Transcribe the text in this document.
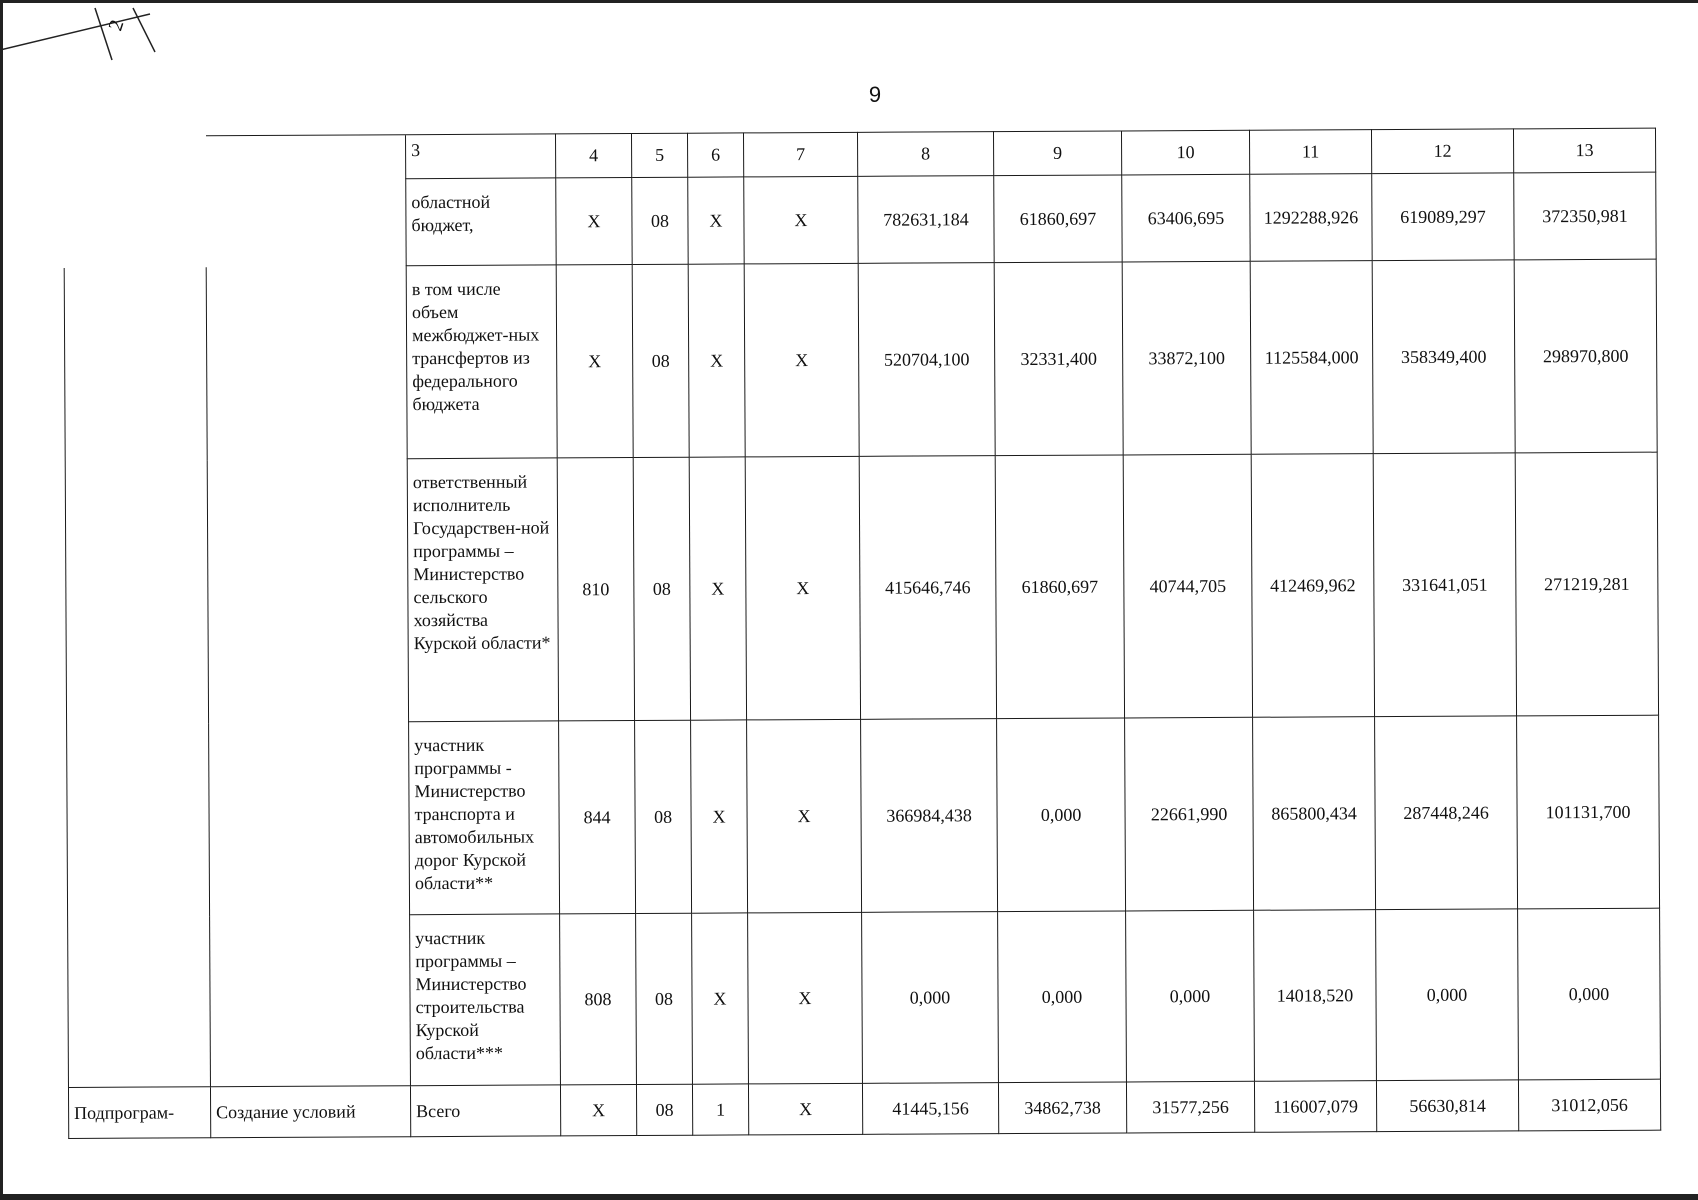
2
9
		3	4	5	6	7	8	9	10	11	12	13
		областной бюджет,	Х	08	Х	Х	782631,184	61860,697	63406,695	1292288,926	619089,297	372350,981
		в том числе объем межбюджет-ных трансфертов из федерального бюджета	Х	08	Х	Х	520704,100	32331,400	33872,100	1125584,000	358349,400	298970,800
		ответственный исполнитель Государствен-ной программы – Министерство сельского хозяйства Курской области*	810	08	Х	Х	415646,746	61860,697	40744,705	412469,962	331641,051	271219,281
		участник программы - Министерство транспорта и автомобильных дорог Курской области**	844	08	Х	Х	366984,438	0,000	22661,990	865800,434	287448,246	101131,700
		участник программы – Министерство строительства Курской области***	808	08	Х	Х	0,000	0,000	0,000	14018,520	0,000	0,000
Подпрограм-	Создание условий	Всего	Х	08	1	Х	41445,156	34862,738	31577,256	116007,079	56630,814	31012,056
